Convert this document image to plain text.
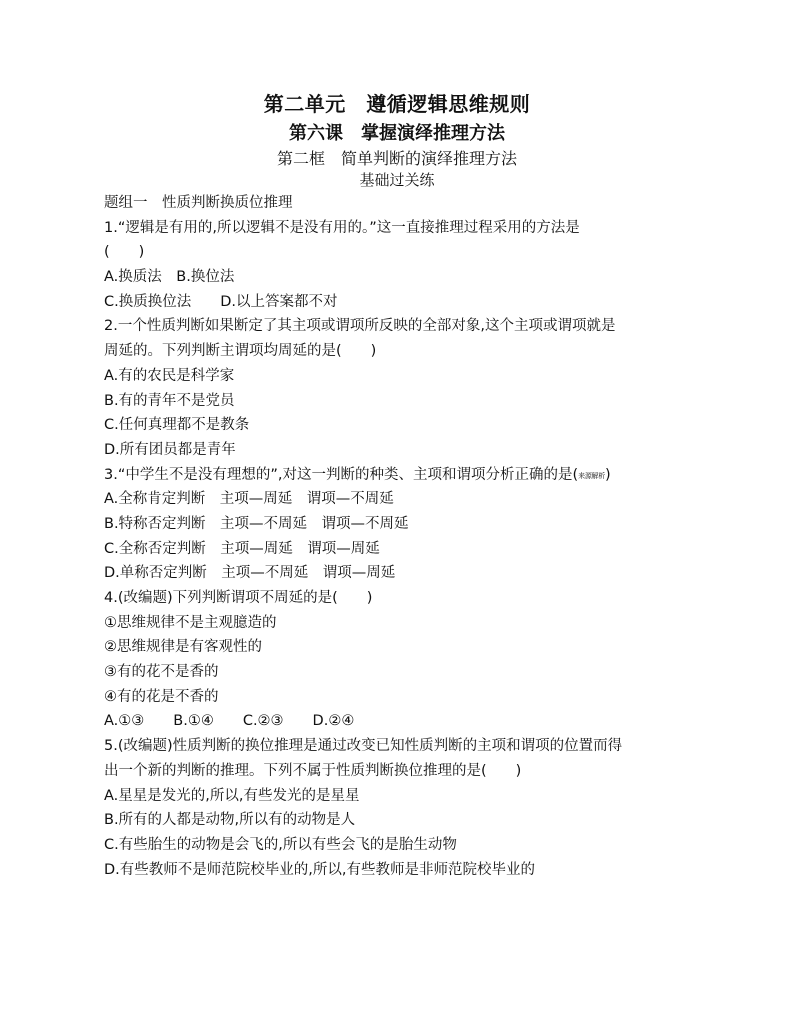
第二单元　遵循逻辑思维规则
第六课　掌握演绎推理方法
第二框　简单判断的演绎推理方法
基础过关练
题组一　性质判断换质位推理
1.“逻辑是有用的,所以逻辑不是没有用的。”这一直接推理过程采用的方法是
(　　)
A.换质法　B.换位法
C.换质换位法　　D.以上答案都不对
2.一个性质判断如果断定了其主项或谓项所反映的全部对象,这个主项或谓项就是
周延的。下列判断主谓项均周延的是(　　)
A.有的农民是科学家
B.有的青年不是党员
C.任何真理都不是教条
D.所有团员都是青年
3.“中学生不是没有理想的”,对这一判断的种类、主项和谓项分析正确的是(来源解析)
A.全称肯定判断　主项—周延　谓项—不周延
B.特称否定判断　主项—不周延　谓项—不周延
C.全称否定判断　主项—周延　谓项—周延
D.单称否定判断　主项—不周延　谓项—周延
4.(改编题)下列判断谓项不周延的是(　　)
①思维规律不是主观臆造的
②思维规律是有客观性的
③有的花不是香的
④有的花是不香的
A.①③　　B.①④　　C.②③　　D.②④
5.(改编题)性质判断的换位推理是通过改变已知性质判断的主项和谓项的位置而得
出一个新的判断的推理。下列不属于性质判断换位推理的是(　　)
A.星星是发光的,所以,有些发光的是星星
B.所有的人都是动物,所以有的动物是人
C.有些胎生的动物是会飞的,所以有些会飞的是胎生动物
D.有些教师不是师范院校毕业的,所以,有些教师是非师范院校毕业的
